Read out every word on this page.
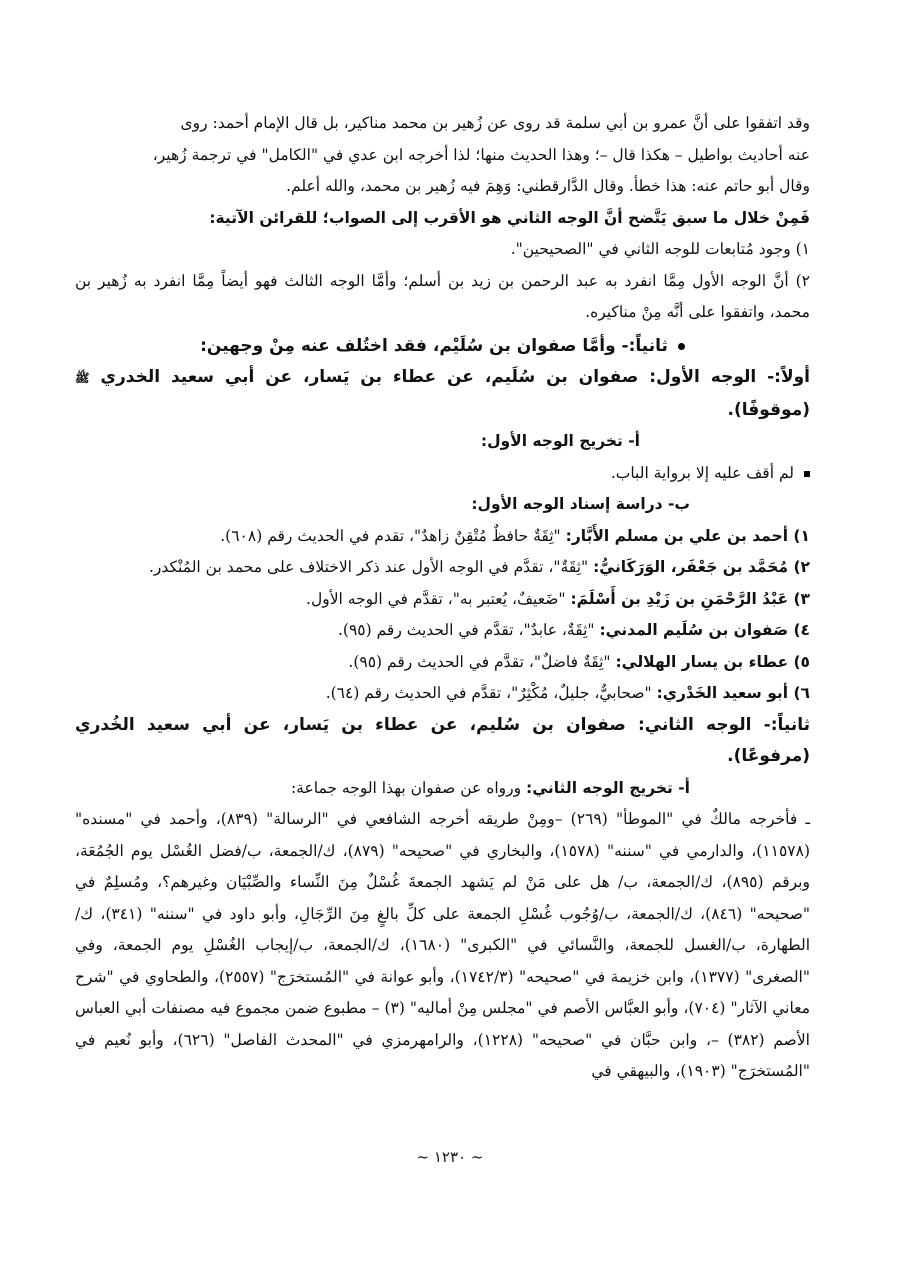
وقد اتفقوا على أنَّ عمرو بن أبي سلمة قد روى عن زُهير بن محمد مناكير، بل قال الإمام أحمد: روى

عنه أحاديث بواطيل – هكذا قال –؛ وهذا الحديث منها؛ لذا أخرجه ابن عدي في "الكامل" في ترجمة زُهير،

وقال أبو حاتم عنه: هذا خطأ. وقال الدَّارقطني: وَهِمَ فيه زُهير بن محمد، والله أعلم.

فَمِنْ خلال ما سبق يَتَّضح أنَّ الوجه الثاني هو الأقرب إلى الصواب؛ للقرائن الآتية:

١) وجود مُتابعات للوجه الثاني في "الصحيحين".

٢) أنَّ الوجه الأول مِمَّا انفرد به عبد الرحمن بن زيد بن أسلم؛ وأمَّا الوجه الثالث فهو أيضاً مِمَّا انفرد به زُهير بن محمد، واتفقوا على أنَّه مِنْ مناكيره.

ثانياً:- وأمَّا صفوان بن سُلَيْم، فقد اختُلف عنه مِنْ وجهين:

أولاً:- الوجه الأول: صفوان بن سُلَيم، عن عطاء بن يَسار، عن أبي سعيد الخدري ﷺ (موقوفًا).

أ- تخريج الوجه الأول:

لم أقف عليه إلا برواية الباب.

ب- دراسة إسناد الوجه الأول:

١) أحمد بن علي بن مسلم الأَبَّار: "ثِقَةٌ حافظٌ مُتْقِنٌ زاهدٌ"، تقدم في الحديث رقم (٦٠٨).

٢) مُحَمَّد بن جَعْفَر، الوَرَكَانيُّ: "ثِقَةٌ"، تقدَّم في الوجه الأول عند ذكر الاختلاف على محمد بن المُنْكدر.

٣) عَبْدُ الرَّحْمَنِ بن زَيْدِ بن أَسْلَمَ: "ضَعيفٌ، يُعتبر به"، تقدَّم في الوجه الأول.

٤) صَفوان بن سُلَيم المدني: "ثِقَةٌ، عابدٌ"، تقدَّم في الحديث رقم (٩٥).

٥) عطاء بن يسار الهلالي: "ثِقَةٌ فاضلٌ"، تقدَّم في الحديث رقم (٩٥).

٦) أبو سعيد الخَدْري: "صحابيٌّ، جليلٌ، مُكْثِرٌ"، تقدَّم في الحديث رقم (٦٤).

ثانياً:- الوجه الثاني: صفوان بن سُليم، عن عطاء بن يَسار، عن أبي سعيد الخُدري (مرفوعًا).

أ- تخريج الوجه الثاني: ورواه عن صفوان بهذا الوجه جماعة:

ـ فأخرجه مالكٌ في "الموطأ" (٢٦٩) –ومِنْ طريقه أخرجه الشافعي في "الرسالة" (٨٣٩)، وأحمد في "مسنده" (١١٥٧٨)، والدارمي في "سننه" (١٥٧٨)، والبخاري في "صحيحه" (٨٧٩)، ك/الجمعة، ب/فضل الغُسْل يوم الجُمُعَة، وبرقم (٨٩٥)، ك/الجمعة، ب/ هل على مَنْ لم يَشهد الجمعةَ غُسْلٌ مِنَ النِّساء والصِّبْيَان وغيرهم؟، ومُسلِمٌ في "صحيحه" (٨٤٦)، ك/الجمعة، ب/وُجُوب غُسْلِ الجمعة على كلِّ بالغٍ مِنَ الرِّجَالِ، وأبو داود في "سننه" (٣٤١)، ك/الطهارة، ب/الغسل للجمعة، والنَّسائي في "الكبرى" (١٦٨٠)، ك/الجمعة، ب/إيجاب الغُسْلِ يوم الجمعة، وفي "الصغرى" (١٣٧٧)، وابن خزيمة في "صحيحه" (١٧٤٢/٣)، وأبو عوانة في "المُستخرَج" (٢٥٥٧)، والطحاوي في "شرح معاني الآثار" (٧٠٤)، وأبو العبَّاس الأصم في "مجلس مِنْ أماليه" (٣) – مطبوع ضمن مجموع فيه مصنفات أبي العباس الأصم (٣٨٢) –، وابن حبَّان في "صحيحه" (١٢٢٨)، والرامهرمزي في "المحدث الفاصل" (٦٢٦)، وأبو نُعيم في "المُستخرَج" (١٩٠٣)، والبيهقي في

~ ١٢٣٠ ~
